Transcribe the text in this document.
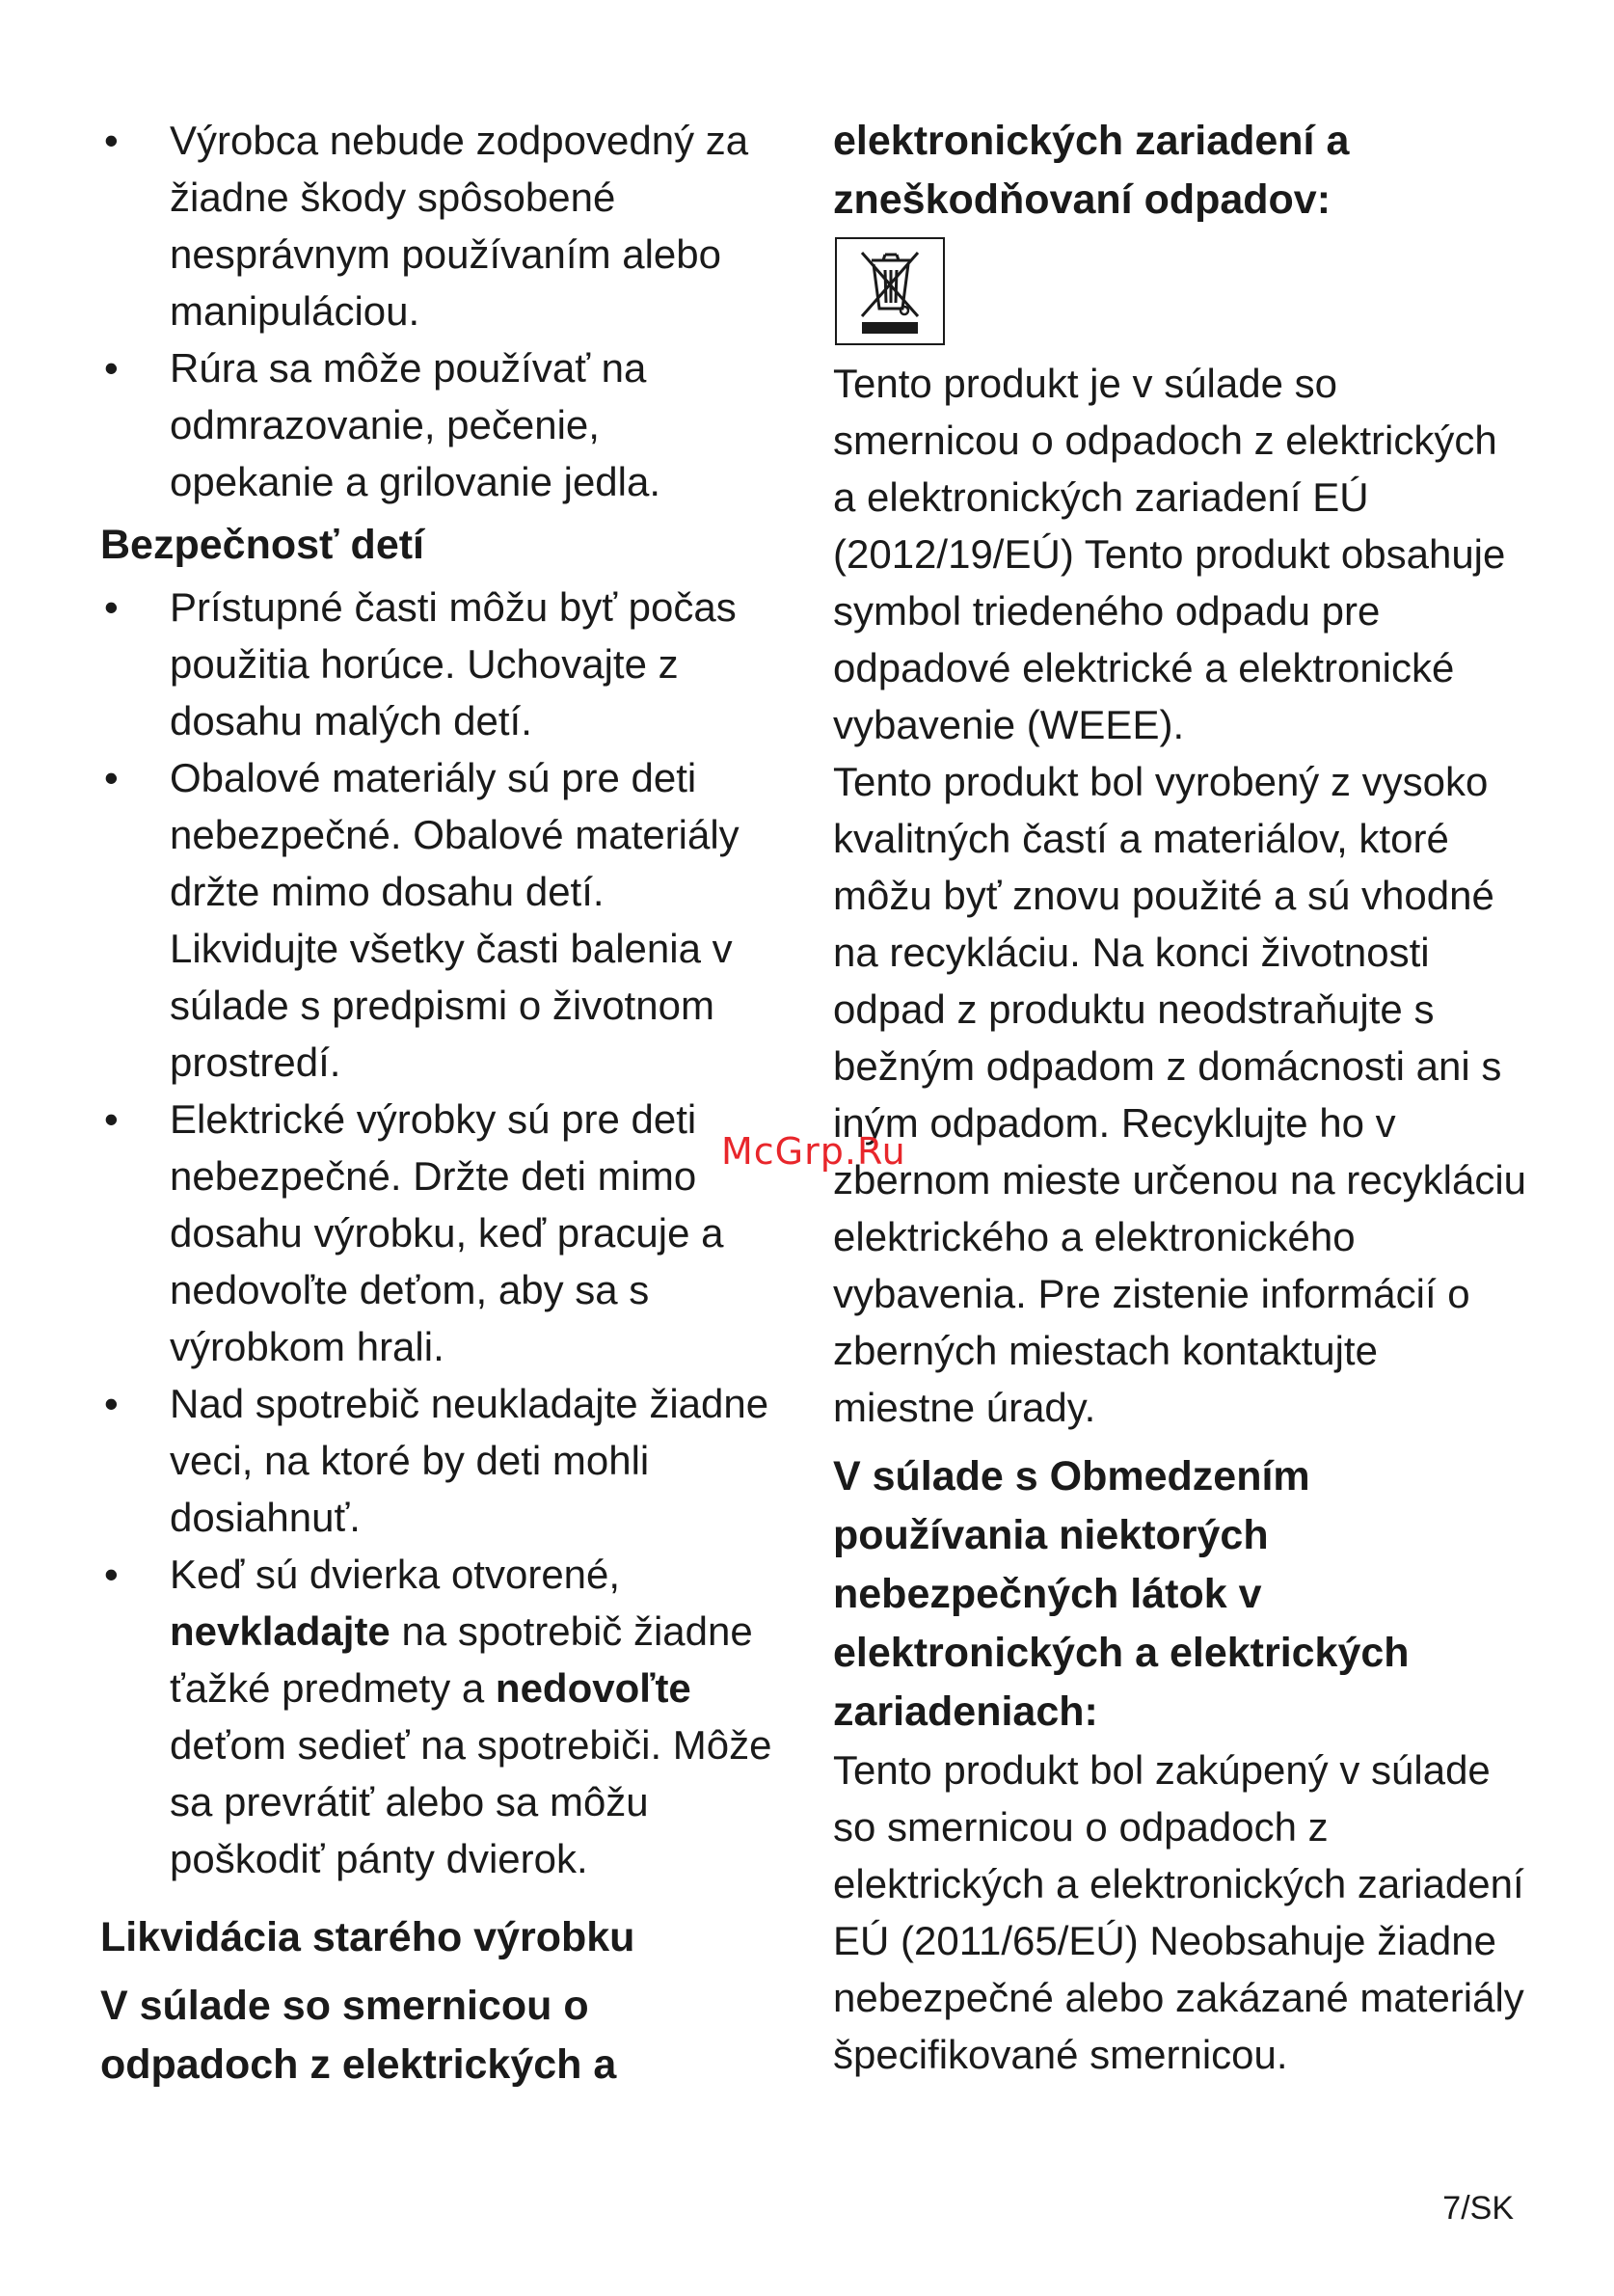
• Výrobca nebude zodpovedný za žiadne škody spôsobené nesprávnym používaním alebo manipuláciou.
• Rúra sa môže používať na odmrazovanie, pečenie, opekanie a grilovanie jedla.
Bezpečnosť detí
• Prístupné časti môžu byť počas použitia horúce. Uchovajte z dosahu malých detí.
• Obalové materiály sú pre deti nebezpečné. Obalové materiály držte mimo dosahu detí. Likvidujte všetky časti balenia v súlade s predpismi o životnom prostredí.
• Elektrické výrobky sú pre deti nebezpečné. Držte deti mimo dosahu výrobku, keď pracuje a nedovoľte deťom, aby sa s výrobkom hrali.
• Nad spotrebič neukladajte žiadne veci, na ktoré by deti mohli dosiahnuť.
• Keď sú dvierka otvorené, nevkladajte na spotrebič žiadne ťažké predmety a nedovoľte deťom sedieť na spotrebiči. Môže sa prevrátiť alebo sa môžu poškodiť pánty dvierok.
Likvidácia starého výrobku
V súlade so smernicou o odpadoch z elektrických a
elektronických zariadení a zneškodňovaní odpadov:

Tento produkt je v súlade so smernicou o odpadoch z elektrických a elektronických zariadení EÚ (2012/19/EÚ) Tento produkt obsahuje symbol triedeného odpadu pre odpadové elektrické a elektronické vybavenie (WEEE).

Tento produkt bol vyrobený z vysoko kvalitných častí a materiálov, ktoré môžu byť znovu použité a sú vhodné na recykláciu. Na konci životnosti odpad z produktu neodstraňujte s bežným odpadom z domácnosti ani s iným odpadom. Recyklujte ho v zbernom mieste určenou na recykláciu elektrického a elektronického vybavenia. Pre zistenie informácií o zberných miestach kontaktujte miestne úrady.

V súlade s Obmedzením používania niektorých nebezpečných látok v elektronických a elektrických zariadeniach:

Tento produkt bol zakúpený v súlade so smernicou o odpadoch z elektrických a elektronických zariadení EÚ (2011/65/EÚ) Neobsahuje žiadne nebezpečné alebo zakázané materiály špecifikované smernicou.

McGrp.Ru
7/SK
